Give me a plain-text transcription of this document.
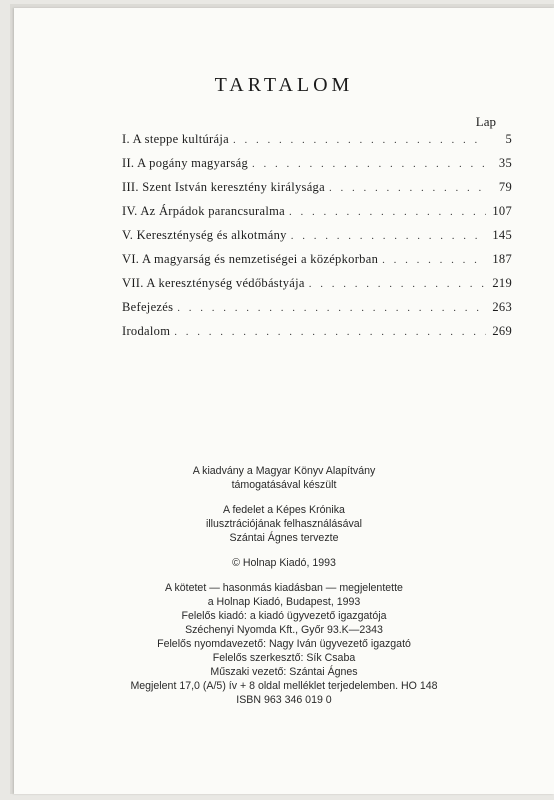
TARTALOM
Lap
I. A steppe kultúrája . . .	5
II. A pogány magyarság . . .	35
III. Szent István keresztény királysága . . .	79
IV. Az Árpádok parancsuralma . . .	107
V. Kereszténység és alkotmány . . .	145
VI. A magyarság és nemzetiségei a középkorban . . .	187
VII. A kereszténység védőbástyája . . .	219
Befejezés . . .	263
Irodalom . . .	269
A kiadvány a Magyar Könyv Alapítvány
támogatásával készült
A fedelet a Képes Krónika
illusztrációjának felhasználásával
Szántai Ágnes tervezte
© Holnap Kiadó, 1993
A kötetet — hasonmás kiadásban — megjelentette
a Holnap Kiadó, Budapest, 1993
Felelős kiadó: a kiadó ügyvezető igazgatója
Széchenyi Nyomda Kft., Győr 93.K—2343
Felelős nyomdavezető: Nagy Iván ügyvezető igazgató
Felelős szerkesztő: Sík Csaba
Műszaki vezető: Szántai Ágnes
Megjelent 17,0 (A/5) ív + 8 oldal melléklet terjedelemben. HO 148
ISBN 963 346 019 0
